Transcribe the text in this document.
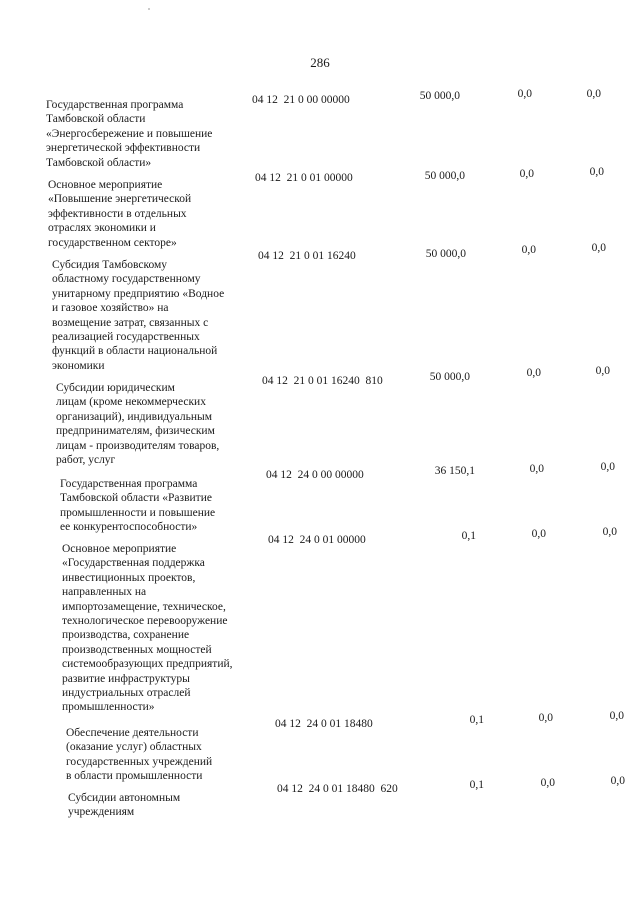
286
Государственная программа
Тамбовской области
«Энергосбережение и повышение
энергетической эффективности
Тамбовской области»
04 12  21 0 00 00000	50 000,0	0,0	0,0
Основное мероприятие
«Повышение энергетической
эффективности в отдельных
отраслях экономики и
государственном секторе»
04 12  21 0 01 00000	50 000,0	0,0	0,0
Субсидия Тамбовскому
областному государственному
унитарному предприятию «Водное
и газовое хозяйство» на
возмещение затрат, связанных с
реализацией государственных
функций в области национальной
экономики
04 12  21 0 01 16240	50 000,0	0,0	0,0
Субсидии юридическим
лицам (кроме некоммерческих
организаций), индивидуальным
предпринимателям, физическим
лицам - производителям товаров,
работ, услуг
04 12  21 0 01 16240  810	50 000,0	0,0	0,0
Государственная программа
Тамбовской области «Развитие
промышленности и повышение
ее конкурентоспособности»
04 12  24 0 00 00000	36 150,1	0,0	0,0
Основное мероприятие
«Государственная поддержка
инвестиционных проектов,
направленных на
импортозамещение, техническое,
технологическое перевооружение
производства, сохранение
производственных мощностей
системообразующих предприятий,
развитие инфраструктуры
индустриальных отраслей
промышленности»
04 12  24 0 01 00000	0,1	0,0	0,0
Обеспечение деятельности
(оказание услуг) областных
государственных учреждений
в области промышленности
04 12  24 0 01 18480	0,1	0,0	0,0
Субсидии автономным
учреждениям
04 12  24 0 01 18480  620	0,1	0,0	0,0
